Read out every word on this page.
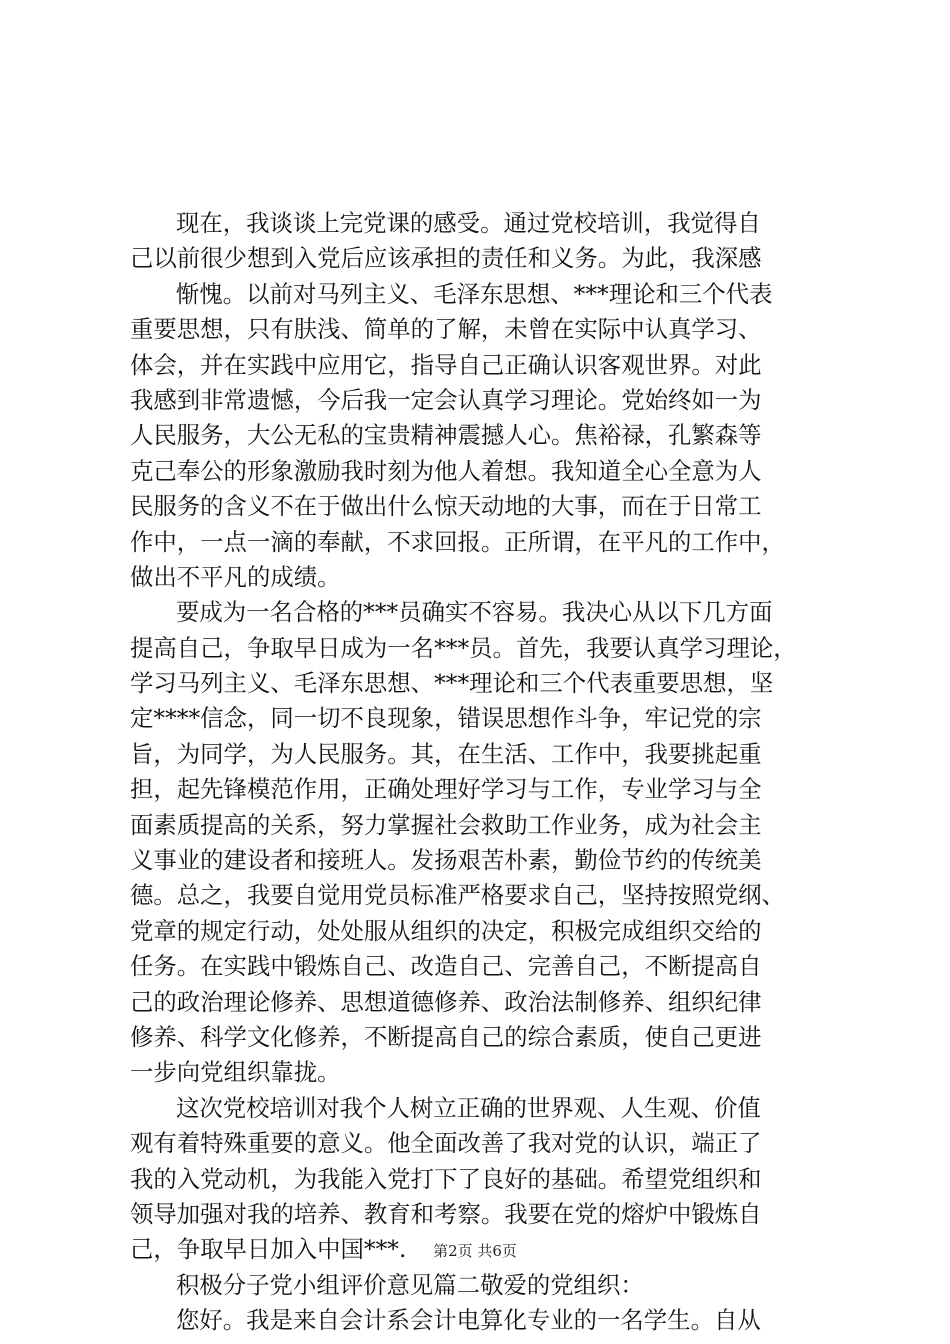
现在，我谈谈上完党课的感受。通过党校培训，我觉得自
己以前很少想到入党后应该承担的责任和义务。为此，我深感
惭愧。以前对马列主义、毛泽东思想、***理论和三个代表
重要思想，只有肤浅、简单的了解，未曾在实际中认真学习、
体会，并在实践中应用它，指导自己正确认识客观世界。对此
我感到非常遗憾，今后我一定会认真学习理论。党始终如一为
人民服务，大公无私的宝贵精神震撼人心。焦裕禄，孔繁森等
克己奉公的形象激励我时刻为他人着想。我知道全心全意为人
民服务的含义不在于做出什么惊天动地的大事，而在于日常工
作中，一点一滴的奉献，不求回报。正所谓，在平凡的工作中，
做出不平凡的成绩。
要成为一名合格的***员确实不容易。我决心从以下几方面
提高自己，争取早日成为一名***员。首先，我要认真学习理论，
学习马列主义、毛泽东思想、***理论和三个代表重要思想，坚
定****信念，同一切不良现象，错误思想作斗争，牢记党的宗
旨，为同学，为人民服务。其，在生活、工作中，我要挑起重
担，起先锋模范作用，正确处理好学习与工作，专业学习与全
面素质提高的关系，努力掌握社会救助工作业务，成为社会主
义事业的建设者和接班人。发扬艰苦朴素，勤俭节约的传统美
德。总之，我要自觉用党员标准严格要求自己，坚持按照党纲、
党章的规定行动，处处服从组织的决定，积极完成组织交给的
任务。在实践中锻炼自己、改造自己、完善自己，不断提高自
己的政治理论修养、思想道德修养、政治法制修养、组织纪律
修养、科学文化修养，不断提高自己的综合素质，使自己更进
一步向党组织靠拢。
这次党校培训对我个人树立正确的世界观、人生观、价值
观有着特殊重要的意义。他全面改善了我对党的认识，端正了
我的入党动机，为我能入党打下了良好的基础。希望党组织和
领导加强对我的培养、教育和考察。我要在党的熔炉中锻炼自
己，争取早日加入中国***.
积极分子党小组评价意见篇二敬爱的党组织：
您好。我是来自会计系会计电算化专业的一名学生。自从
第2页 共6页
